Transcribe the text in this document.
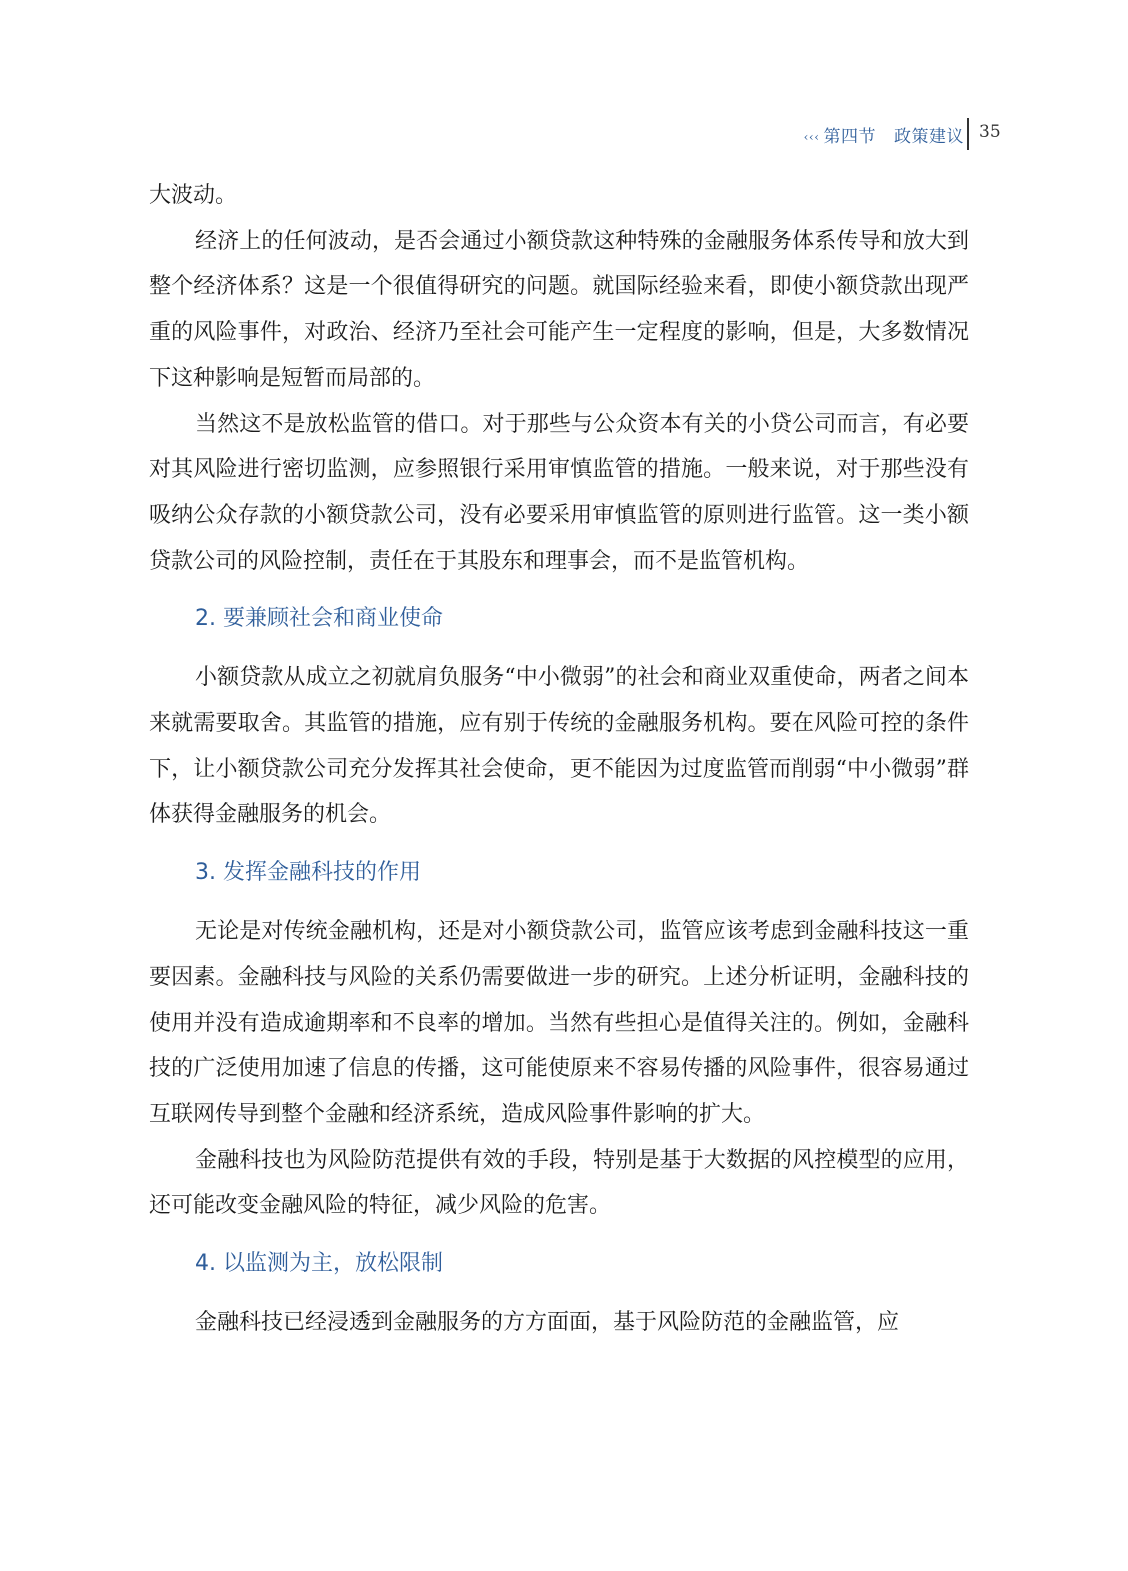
‹‹‹ 第四节 政策建议 35

大波动。

经济上的任何波动，是否会通过小额贷款这种特殊的金融服务体系传导和放大到整个经济体系？这是一个很值得研究的问题。就国际经验来看，即使小额贷款出现严重的风险事件，对政治、经济乃至社会可能产生一定程度的影响，但是，大多数情况下这种影响是短暂而局部的。

当然这不是放松监管的借口。对于那些与公众资本有关的小贷公司而言，有必要对其风险进行密切监测，应参照银行采用审慎监管的措施。一般来说，对于那些没有吸纳公众存款的小额贷款公司，没有必要采用审慎监管的原则进行监管。这一类小额贷款公司的风险控制，责任在于其股东和理事会，而不是监管机构。

2. 要兼顾社会和商业使命

小额贷款从成立之初就肩负服务“中小微弱”的社会和商业双重使命，两者之间本来就需要取舍。其监管的措施，应有别于传统的金融服务机构。要在风险可控的条件下，让小额贷款公司充分发挥其社会使命，更不能因为过度监管而削弱“中小微弱”群体获得金融服务的机会。

3. 发挥金融科技的作用

无论是对传统金融机构，还是对小额贷款公司，监管应该考虑到金融科技这一重要因素。金融科技与风险的关系仍需要做进一步的研究。上述分析证明，金融科技的使用并没有造成逾期率和不良率的增加。当然有些担心是值得关注的。例如，金融科技的广泛使用加速了信息的传播，这可能使原来不容易传播的风险事件，很容易通过互联网传导到整个金融和经济系统，造成风险事件影响的扩大。

金融科技也为风险防范提供有效的手段，特别是基于大数据的风控模型的应用，还可能改变金融风险的特征，减少风险的危害。

4. 以监测为主，放松限制

金融科技已经浸透到金融服务的方方面面，基于风险防范的金融监管，应
